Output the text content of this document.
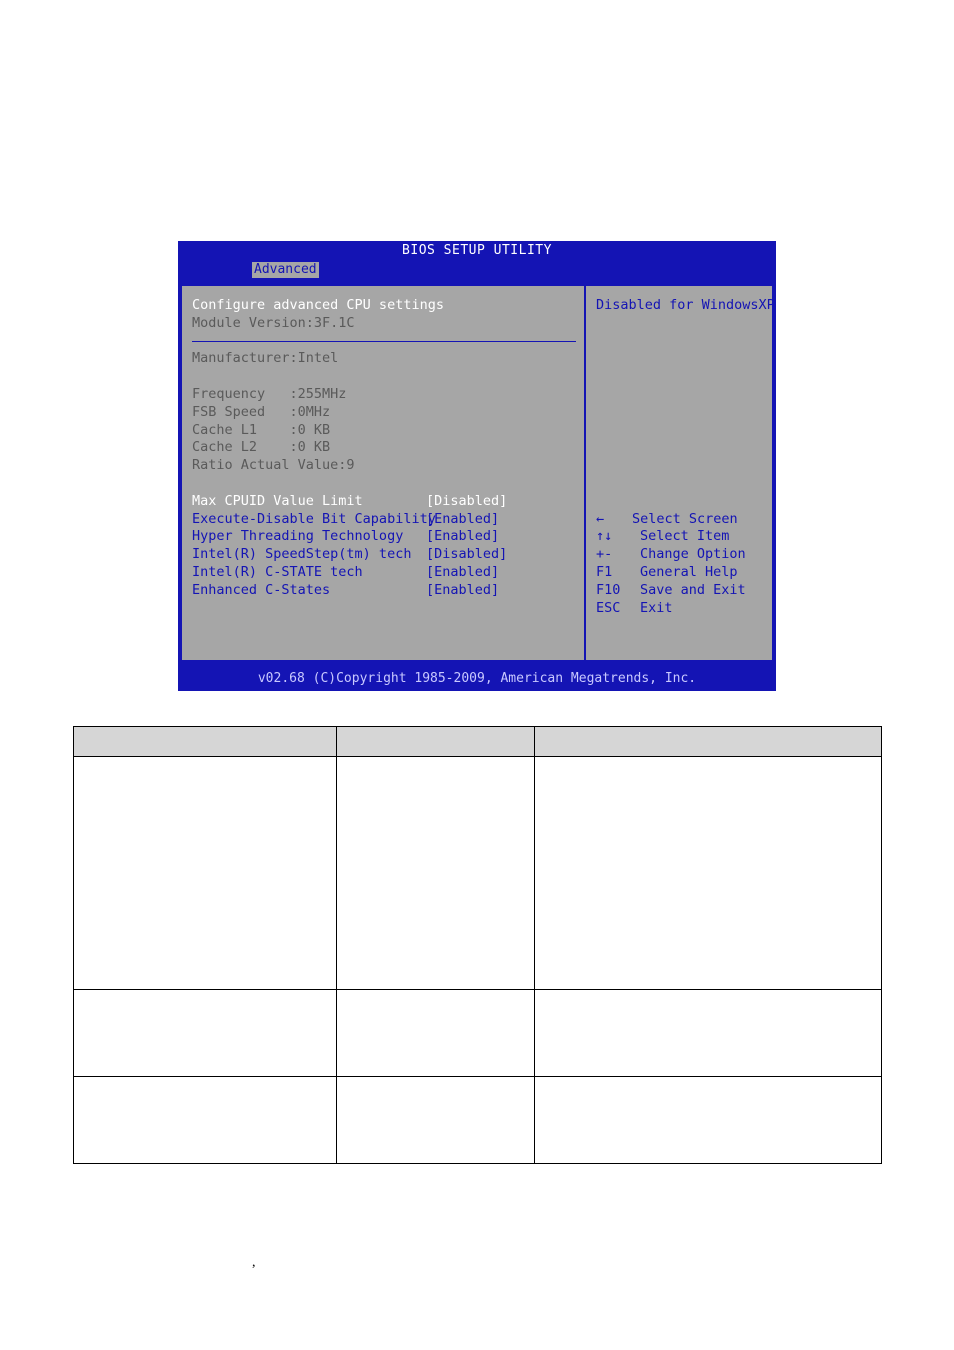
BIOS SETUP UTILITY
Advanced
Configure advanced CPU settings
Module Version:3F.1C
Manufacturer:Intel
Frequency   :255MHz
FSB Speed   :0MHz
Cache L1    :0 KB
Cache L2    :0 KB
Ratio Actual Value:9
Max CPUID Value Limit	[Disabled]
Execute-Disable Bit Capability
[Enabled]
Hyper Threading Technology [Enabled]
Intel(R) SpeedStep(tm) tech [Disabled]
Intel(R) C-STATE tech	[Enabled]
Enhanced C-States	[Enabled]
Disabled for WindowsXP
← Select Screen
↑↓ Select Item
+- Change Option
F1 General Help
F10 Save and Exit
ESC Exit
v02.68 (C)Copyright 1985-2009, American Megatrends, Inc.

,
